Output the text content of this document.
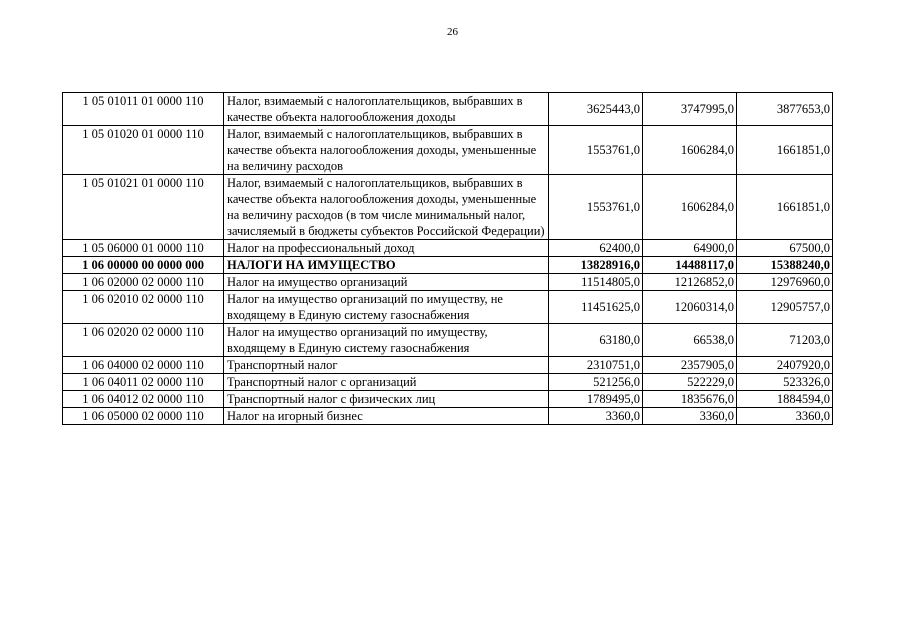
26
1 05 01011 01 0000 110	Налог, взимаемый с налогоплательщиков, выбравших в качестве объекта налогообложения доходы	3625443,0	3747995,0	3877653,0
1 05 01020 01 0000 110	Налог, взимаемый с налогоплательщиков, выбравших в качестве объекта налогообложения доходы, уменьшенные на величину расходов	1553761,0	1606284,0	1661851,0
1 05 01021 01 0000 110	Налог, взимаемый с налогоплательщиков, выбравших в качестве объекта налогообложения доходы, уменьшенные на величину расходов (в том числе минимальный налог, зачисляемый в бюджеты субъектов Российской Федерации)	1553761,0	1606284,0	1661851,0
1 05 06000 01 0000 110	Налог на профессиональный доход	62400,0	64900,0	67500,0
1 06 00000 00 0000 000	НАЛОГИ НА ИМУЩЕСТВО	13828916,0	14488117,0	15388240,0
1 06 02000 02 0000 110	Налог на имущество организаций	11514805,0	12126852,0	12976960,0
1 06 02010 02 0000 110	Налог на имущество организаций по имуществу, не входящему в Единую систему газоснабжения	11451625,0	12060314,0	12905757,0
1 06 02020 02 0000 110	Налог на имущество организаций по имуществу, входящему в Единую систему газоснабжения	63180,0	66538,0	71203,0
1 06 04000 02 0000 110	Транспортный налог	2310751,0	2357905,0	2407920,0
1 06 04011 02 0000 110	Транспортный налог с организаций	521256,0	522229,0	523326,0
1 06 04012 02 0000 110	Транспортный налог с физических лиц	1789495,0	1835676,0	1884594,0
1 06 05000 02 0000 110	Налог на игорный бизнес	3360,0	3360,0	3360,0
